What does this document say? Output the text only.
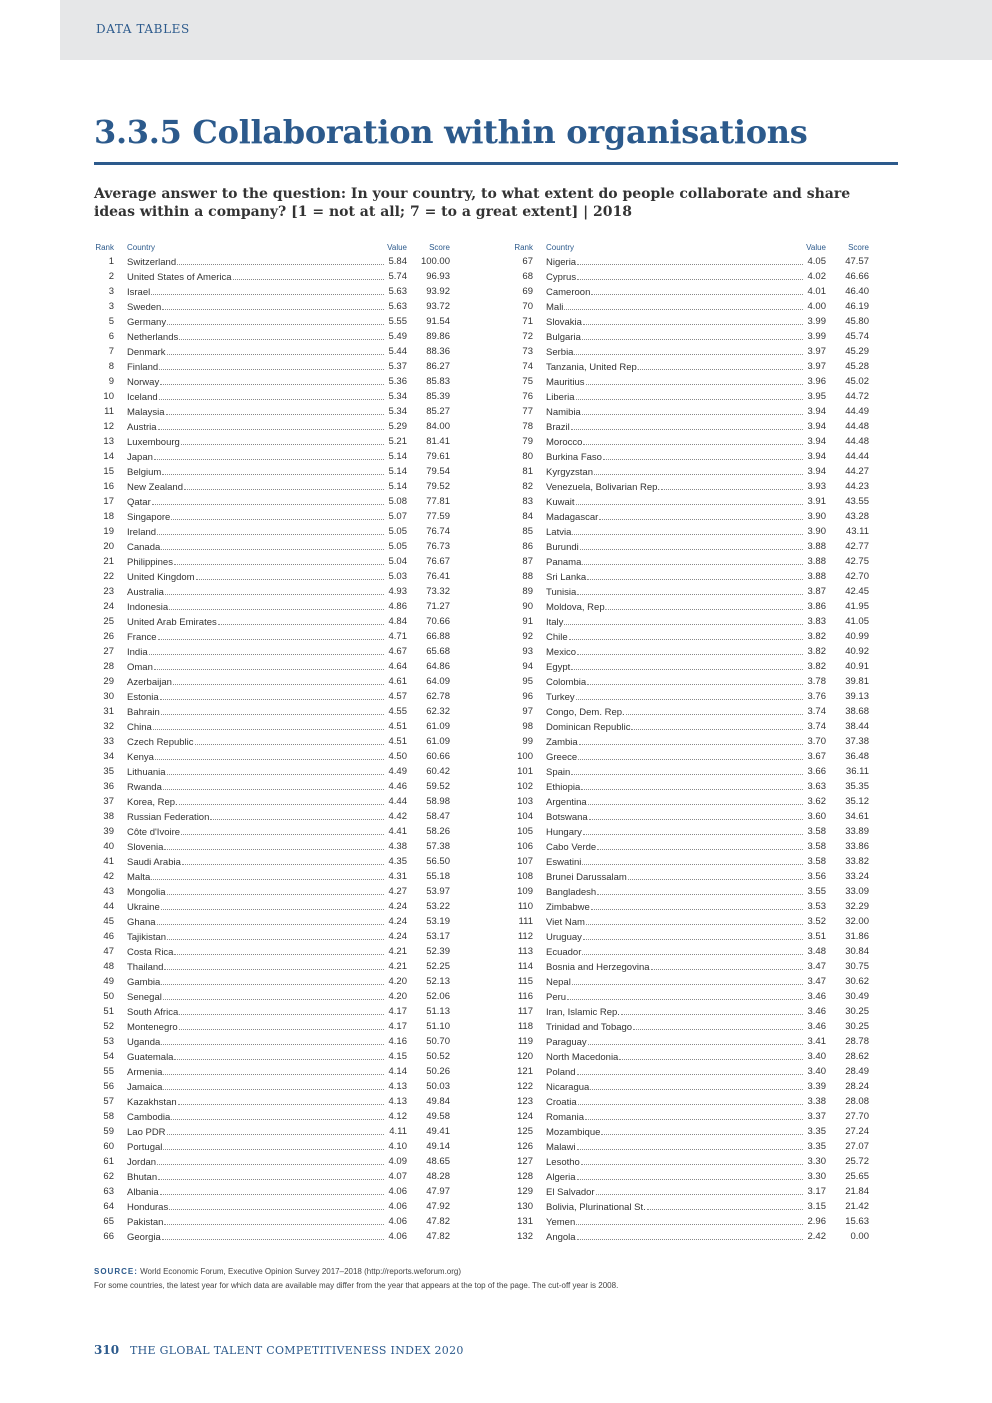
DATA TABLES
3.3.5 Collaboration within organisations
Average answer to the question: In your country, to what extent do people collaborate and share ideas within a company? [1 = not at all; 7 = to a great extent] | 2018
Rank Country	Value	Score
1 Switzerland	5.84	100.00
2 United States of America	5.74	96.93
3 Israel	5.63	93.92
3 Sweden	5.63	93.72
5 Germany	5.55	91.54
6 Netherlands	5.49	89.86
7 Denmark	5.44	88.36
8 Finland	5.37	86.27
9 Norway	5.36	85.83
10 Iceland	5.34	85.39
11 Malaysia	5.34	85.27
12 Austria	5.29	84.00
13 Luxembourg	5.21	81.41
14 Japan	5.14	79.61
15 Belgium	5.14	79.54
16 New Zealand	5.14	79.52
17 Qatar	5.08	77.81
18 Singapore	5.07	77.59
19 Ireland	5.05	76.74
20 Canada	5.05	76.73
21 Philippines	5.04	76.67
22 United Kingdom	5.03	76.41
23 Australia	4.93	73.32
24 Indonesia	4.86	71.27
25 United Arab Emirates	4.84	70.66
26 France	4.71	66.88
27 India	4.67	65.68
28 Oman	4.64	64.86
29 Azerbaijan	4.61	64.09
30 Estonia	4.57	62.78
31 Bahrain	4.55	62.32
32 China	4.51	61.09
33 Czech Republic	4.51	61.09
34 Kenya	4.50	60.66
35 Lithuania	4.49	60.42
36 Rwanda	4.46	59.52
37 Korea, Rep.	4.44	58.98
38 Russian Federation	4.42	58.47
39 Côte d'Ivoire	4.41	58.26
40 Slovenia	4.38	57.38
41 Saudi Arabia	4.35	56.50
42 Malta	4.31	55.18
43 Mongolia	4.27	53.97
44 Ukraine	4.24	53.22
45 Ghana	4.24	53.19
46 Tajikistan	4.24	53.17
47 Costa Rica	4.21	52.39
48 Thailand	4.21	52.25
49 Gambia	4.20	52.13
50 Senegal	4.20	52.06
51 South Africa	4.17	51.13
52 Montenegro	4.17	51.10
53 Uganda	4.16	50.70
54 Guatemala	4.15	50.52
55 Armenia	4.14	50.26
56 Jamaica	4.13	50.03
57 Kazakhstan	4.13	49.84
58 Cambodia	4.12	49.58
59 Lao PDR	4.11	49.41
60 Portugal	4.10	49.14
61 Jordan	4.09	48.65
62 Bhutan	4.07	48.28
63 Albania	4.06	47.97
64 Honduras	4.06	47.92
65 Pakistan	4.06	47.82
66 Georgia	4.06	47.82
Rank Country	Value	Score
67 Nigeria	4.05	47.57
68 Cyprus	4.02	46.66
69 Cameroon	4.01	46.40
70 Mali	4.00	46.19
71 Slovakia	3.99	45.80
72 Bulgaria	3.99	45.74
73 Serbia	3.97	45.29
74 Tanzania, United Rep.	3.97	45.28
75 Mauritius	3.96	45.02
76 Liberia	3.95	44.72
77 Namibia	3.94	44.49
78 Brazil	3.94	44.48
79 Morocco	3.94	44.48
80 Burkina Faso	3.94	44.44
81 Kyrgyzstan	3.94	44.27
82 Venezuela, Bolivarian Rep.	3.93	44.23
83 Kuwait	3.91	43.55
84 Madagascar	3.90	43.28
85 Latvia	3.90	43.11
86 Burundi	3.88	42.77
87 Panama	3.88	42.75
88 Sri Lanka	3.88	42.70
89 Tunisia	3.87	42.45
90 Moldova, Rep.	3.86	41.95
91 Italy	3.83	41.05
92 Chile	3.82	40.99
93 Mexico	3.82	40.92
94 Egypt	3.82	40.91
95 Colombia	3.78	39.81
96 Turkey	3.76	39.13
97 Congo, Dem. Rep.	3.74	38.68
98 Dominican Republic	3.74	38.44
99 Zambia	3.70	37.38
100 Greece	3.67	36.48
101 Spain	3.66	36.11
102 Ethiopia	3.63	35.35
103 Argentina	3.62	35.12
104 Botswana	3.60	34.61
105 Hungary	3.58	33.89
106 Cabo Verde	3.58	33.86
107 Eswatini	3.58	33.82
108 Brunei Darussalam	3.56	33.24
109 Bangladesh	3.55	33.09
110 Zimbabwe	3.53	32.29
111 Viet Nam	3.52	32.00
112 Uruguay	3.51	31.86
113 Ecuador	3.48	30.84
114 Bosnia and Herzegovina	3.47	30.75
115 Nepal	3.47	30.62
116 Peru	3.46	30.49
117 Iran, Islamic Rep.	3.46	30.25
118 Trinidad and Tobago	3.46	30.25
119 Paraguay	3.41	28.78
120 North Macedonia	3.40	28.62
121 Poland	3.40	28.49
122 Nicaragua	3.39	28.24
123 Croatia	3.38	28.08
124 Romania	3.37	27.70
125 Mozambique	3.35	27.24
126 Malawi	3.35	27.07
127 Lesotho	3.30	25.72
128 Algeria	3.30	25.65
129 El Salvador	3.17	21.84
130 Bolivia, Plurinational St.	3.15	21.42
131 Yemen	2.96	15.63
132 Angola	2.42	0.00
SOURCE: World Economic Forum, Executive Opinion Survey 2017–2018 (http://reports.weforum.org)
For some countries, the latest year for which data are available may differ from the year that appears at the top of the page. The cut-off year is 2008.
310 THE GLOBAL TALENT COMPETITIVENESS INDEX 2020
